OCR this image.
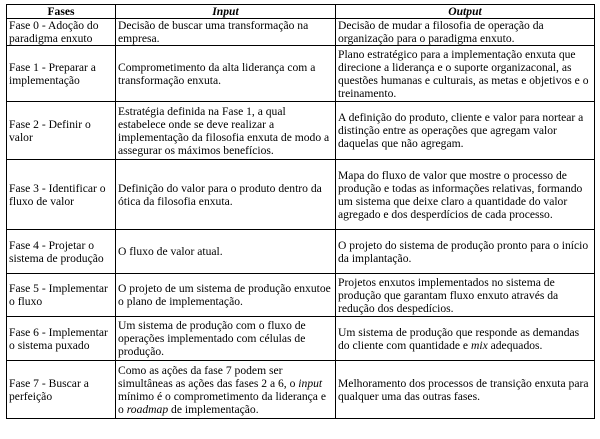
Fases	Input	Output
Fase 0 - Adoção do paradigma enxuto	Decisão de buscar uma transformação na empresa.	Decisão de mudar a filosofia de operação da organização para o paradigma enxuto.
Fase 1 - Preparar a implementação	Comprometimento da alta liderança com a transformação enxuta.	Plano estratégico para a implementação enxuta que direcione a liderança e o suporte organizaconal, as questões humanas e culturais, as metas e objetivos e o treinamento.
Fase 2 - Definir o valor	Estratégia definida na Fase 1, a qual estabelece onde se deve realizar a implementação da filosofia enxuta de modo a assegurar os máximos benefícios.	A definição do produto, cliente e valor para nortear a distinção entre as operações que agregam valor daquelas que não agregam.
Fase 3 - Identificar o fluxo de valor	Definição do valor para o produto dentro da ótica da filosofia enxuta.	Mapa do fluxo de valor que mostre o processo de produção e todas as informações relativas, formando um sistema que deixe claro a quantidade do valor agregado e dos desperdícios de cada processo.
Fase 4 - Projetar o sistema de produção	O fluxo de valor atual.	O projeto do sistema de produção pronto para o início da implantação.
Fase 5 - Implementar o fluxo	O projeto de um sistema de produção enxutoe o plano de implementação.	Projetos enxutos implementados no sistema de produção que garantam fluxo enxuto através da redução dos despedícios.
Fase 6 - Implementar o sistema puxado	Um sistema de produção com o fluxo de operações implementado com células de produção.	Um sistema de produção que responde as demandas do cliente com quantidade e mix adequados.
Fase 7 - Buscar a perfeição	Como as ações da fase 7 podem ser simultâneas as ações das fases 2 a 6, o input mínimo é o comprometimento da liderança e o roadmap de implementação.	Melhoramento dos processos de transição enxuta para qualquer uma das outras fases.
